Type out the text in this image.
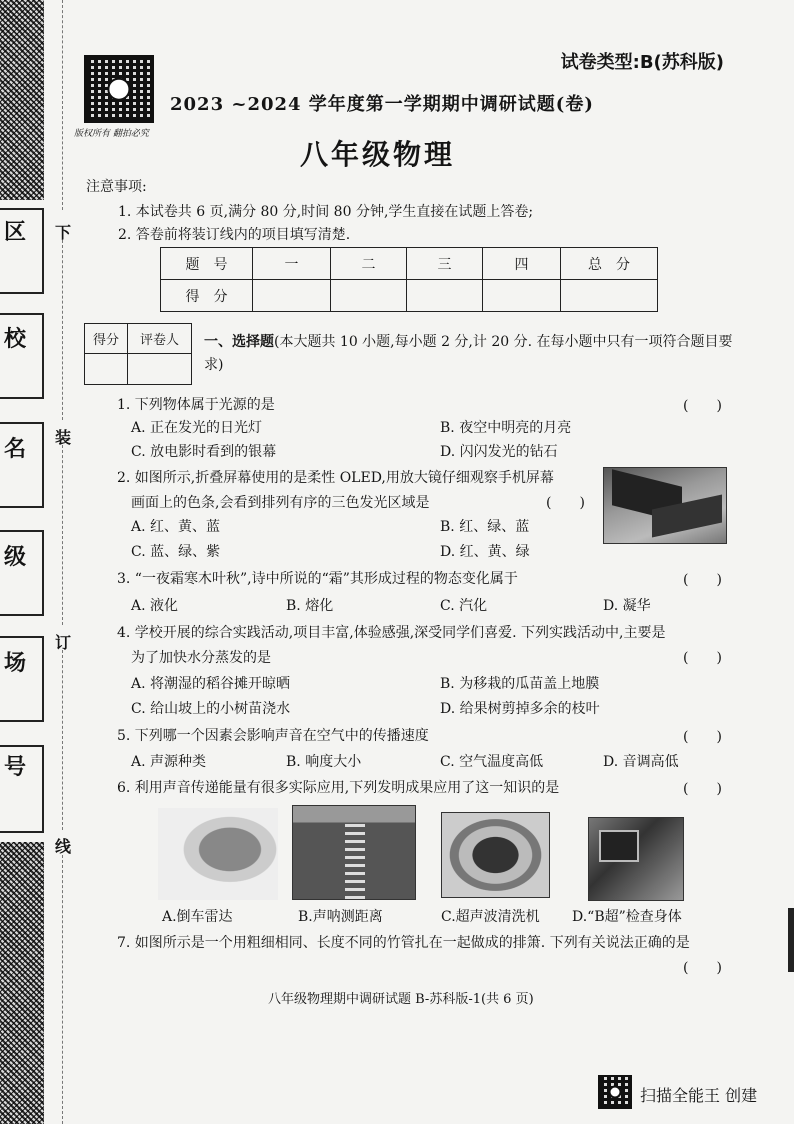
区
校
名
级
场
号
下
装
订
线
版权所有 翻拍必究
试卷类型:B(苏科版)
2023 ~2024 学年度第一学期期中调研试题(卷)
八年级物理
注意事项:
1. 本试卷共 6 页,满分 80 分,时间 80 分钟,学生直接在试题上答卷;
2. 答卷前将装订线内的项目填写清楚.
题　号	一	二	三	四	总　分
得　分					
得分	评卷人
	一、选择题(本大题共 10 小题,每小题 2 分,计 20 分. 在每小题中只有一项符合题目要求)
1. 下列物体属于光源的是	(　　)
A. 正在发光的日光灯	B. 夜空中明亮的月亮
C. 放电影时看到的银幕	D. 闪闪发光的钻石
2. 如图所示,折叠屏幕使用的是柔性 OLED,用放大镜仔细观察手机屏幕
画面上的色条,会看到排列有序的三色发光区域是	(　　)
A. 红、黄、蓝	B. 红、绿、蓝
C. 蓝、绿、紫	D. 红、黄、绿
3. “一夜霜寒木叶秋”,诗中所说的“霜”其形成过程的物态变化属于	(　　)
A. 液化	B. 熔化	C. 汽化	D. 凝华
4. 学校开展的综合实践活动,项目丰富,体验感强,深受同学们喜爱. 下列实践活动中,主要是
为了加快水分蒸发的是	(　　)
A. 将潮湿的稻谷摊开晾晒	B. 为移栽的瓜苗盖上地膜
C. 给山坡上的小树苗浇水	D. 给果树剪掉多余的枝叶
5. 下列哪一个因素会影响声音在空气中的传播速度	(　　)
A. 声源种类	B. 响度大小	C. 空气温度高低	D. 音调高低
6. 利用声音传递能量有很多实际应用,下列发明成果应用了这一知识的是	(　　)
A.倒车雷达	B.声呐测距离	C.超声波清洗机 D.“B超”检查身体
7. 如图所示是一个用粗细相同、长度不同的竹管扎在一起做成的排箫. 下列有关说法正确的是
(　　)
八年级物理期中调研试题 B-苏科版-1(共 6 页)
扫描全能王 创建
